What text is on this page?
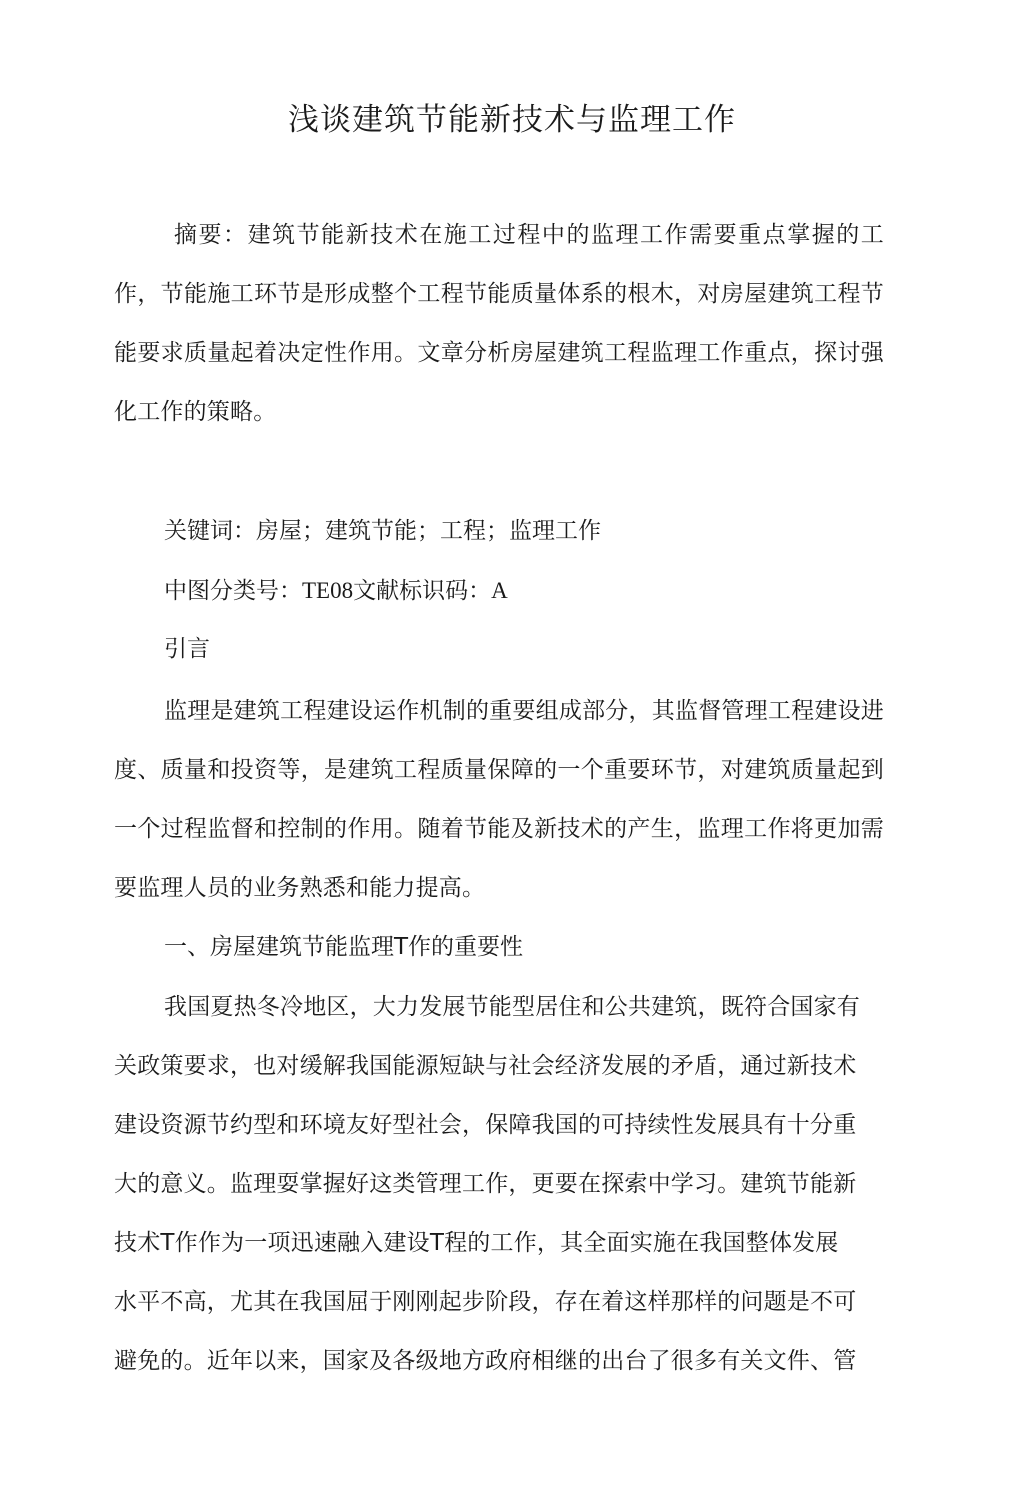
浅谈建筑节能新技术与监理工作

摘要：建筑节能新技术在施工过程中的监理工作需要重点掌握的工作，节能施工环节是形成整个工程节能质量体系的根木，对房屋建筑工程节能要求质量起着决定性作用。文章分析房屋建筑工程监理工作重点，探讨强化工作的策略。

关键词：房屋；建筑节能；工程；监理工作

中图分类号：TE08文献标识码：A

引言

监理是建筑工程建设运作机制的重要组成部分，其监督管理工程建设进度、质量和投资等，是建筑工程质量保障的一个重要环节，对建筑质量起到一个过程监督和控制的作用。随着节能及新技术的产生，监理工作将更加需要监理人员的业务熟悉和能力提高。

一、房屋建筑节能监理T作的重要性

我国夏热冬冷地区，大力发展节能型居住和公共建筑，既符合国家有
关政策要求，也对缓解我国能源短缺与社会经济发展的矛盾，通过新技术
建设资源节约型和环境友好型社会，保障我国的可持续性发展具有十分重
大的意义。监理耍掌握好这类管理工作，更要在探索中学习。建筑节能新
技术T作作为一项迅速融入建设T程的工作，其全面实施在我国整体发展
水平不高，尤其在我国屈于刚刚起步阶段，存在着这样那样的问题是不可
避免的。近年以来，国家及各级地方政府相继的出台了很多有关文件、管
